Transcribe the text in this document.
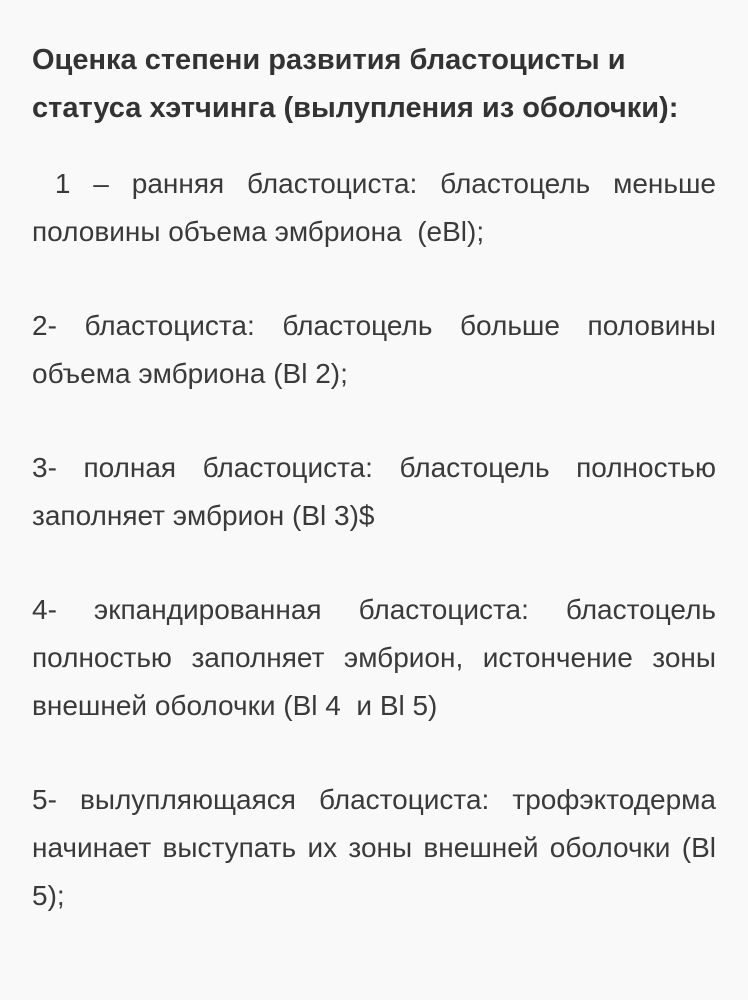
Оценка степени развития бластоцисты и статуса хэтчинга (вылупления из оболочки):

1 – ранняя бластоциста: бластоцель меньше половины объема эмбриона  (eBl);

2- бластоциста: бластоцель больше половины объема эмбриона (Bl 2);

3- полная бластоциста: бластоцель полностью заполняет эмбрион (Bl 3)$

4- экпандированная бластоциста: бластоцель полностью заполняет эмбрион, истончение зоны внешней оболочки (Bl 4  и Bl 5)

5- вылупляющаяся бластоциста: трофэктодерма начинает выступать их зоны внешней оболочки (Bl 5);
